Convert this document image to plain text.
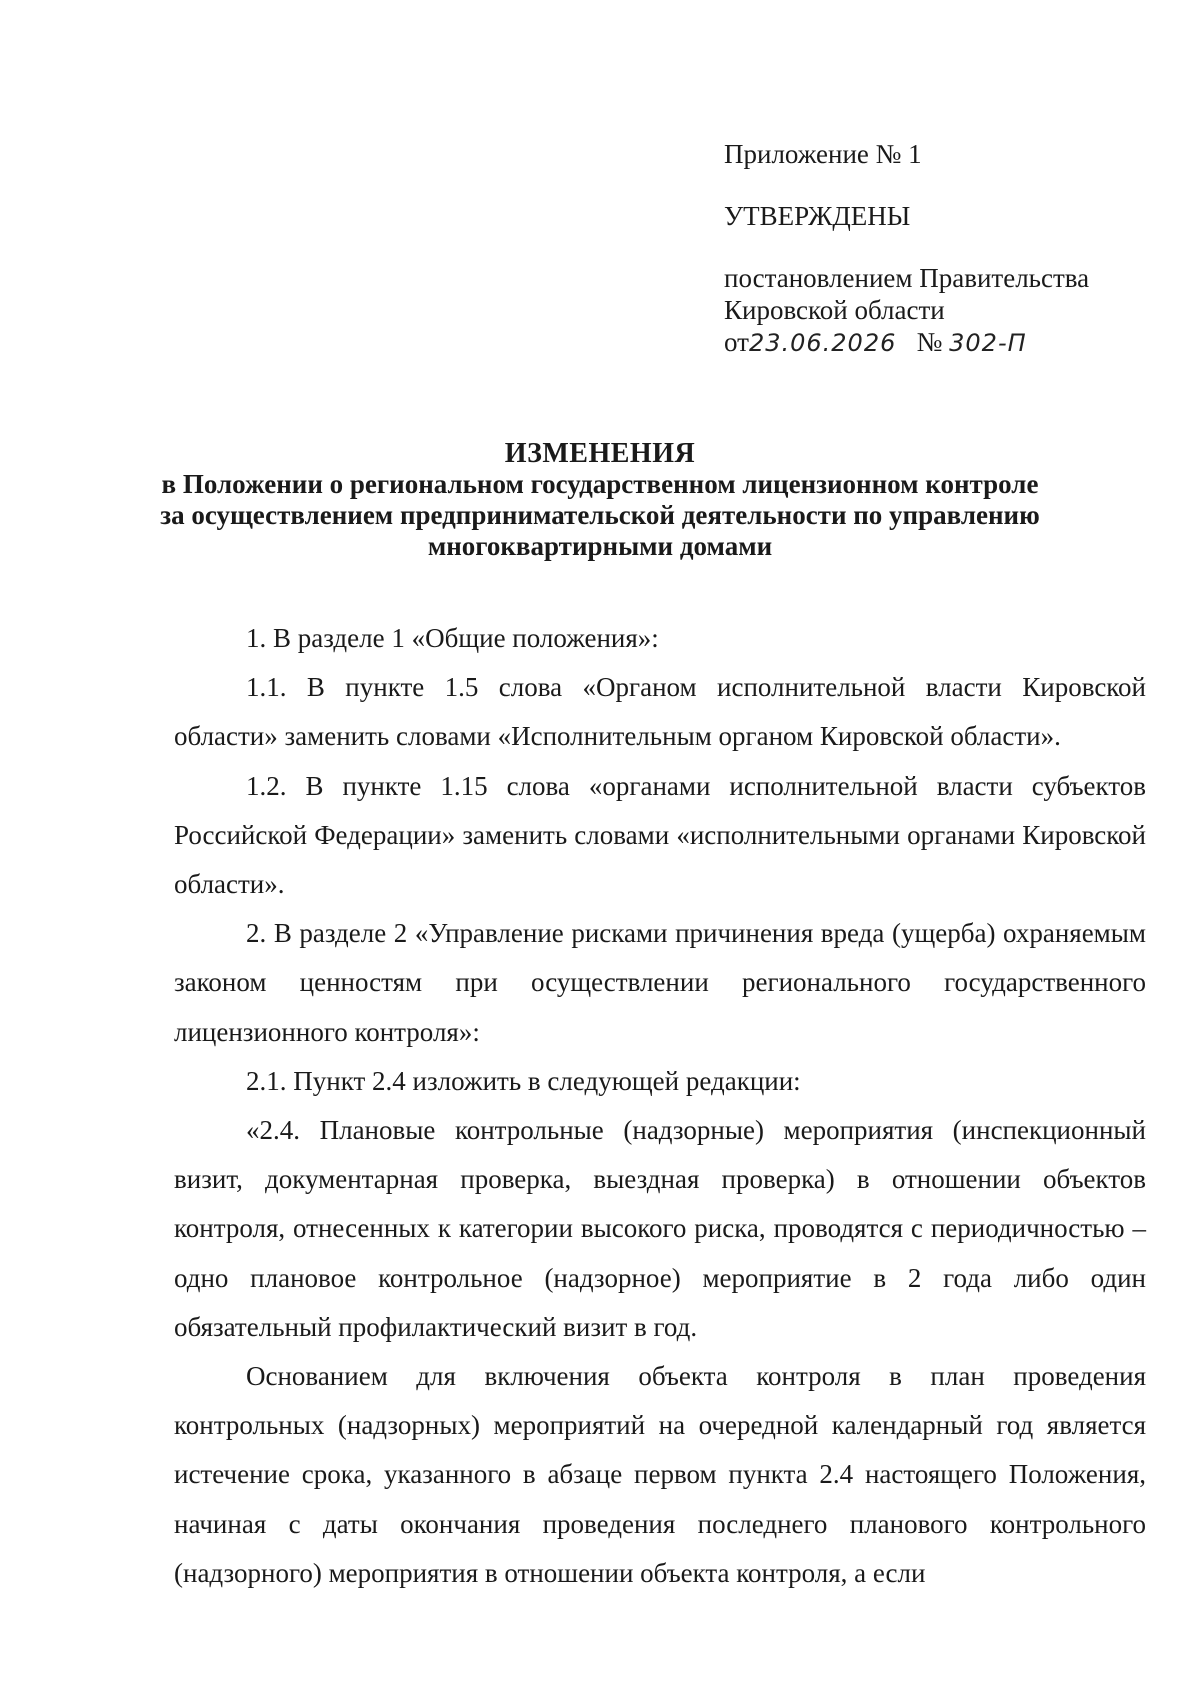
Приложение № 1
УТВЕРЖДЕНЫ
постановлением Правительства
Кировской области
от23.06.2026 № 302-П
ИЗМЕНЕНИЯ
в Положении о региональном государственном лицензионном контроле
за осуществлением предпринимательской деятельности по управлению
многоквартирными домами

1. В разделе 1 «Общие положения»:

1.1. В пункте 1.5 слова «Органом исполнительной власти Кировской области» заменить словами «Исполнительным органом Кировской области».

1.2. В пункте 1.15 слова «органами исполнительной власти субъектов Российской Федерации» заменить словами «исполнительными органами Кировской области».

2. В разделе 2 «Управление рисками причинения вреда (ущерба) охраняемым законом ценностям при осуществлении регионального государственного лицензионного контроля»:

2.1. Пункт 2.4 изложить в следующей редакции:

«2.4. Плановые контрольные (надзорные) мероприятия (инспекционный визит, документарная проверка, выездная проверка) в отношении объектов контроля, отнесенных к категории высокого риска, проводятся с периодичностью – одно плановое контрольное (надзорное) мероприятие в 2 года либо один обязательный профилактический визит в год.

Основанием для включения объекта контроля в план проведения контрольных (надзорных) мероприятий на очередной календарный год является истечение срока, указанного в абзаце первом пункта 2.4 настоящего Положения, начиная с даты окончания проведения последнего планового контрольного (надзорного) мероприятия в отношении объекта контроля, а если
